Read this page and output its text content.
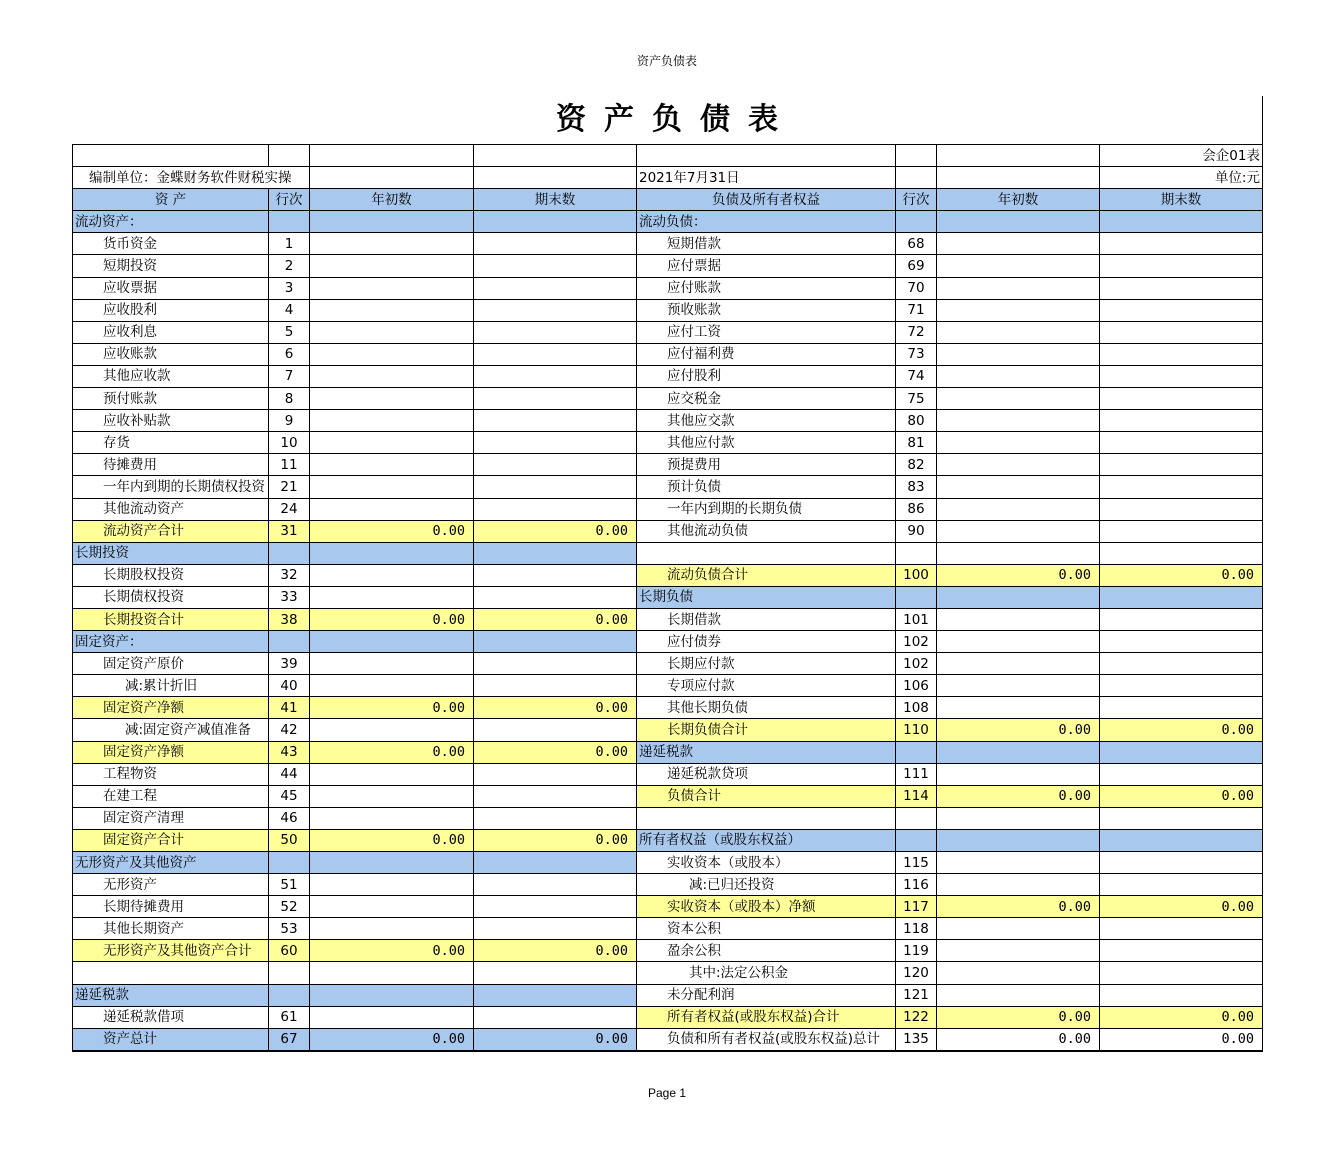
资产负债表
资产负债表
							会企01表
编制单位：金蝶财务软件财税实操				2021年7月31日			单位:元
资 产	行次	年初数	期末数	负债及所有者权益	行次	年初数	期末数
流动资产：				流动负债：			
货币资金	1			短期借款	68		
短期投资	2			应付票据	69		
应收票据	3			应付账款	70		
应收股利	4			预收账款	71		
应收利息	5			应付工资	72		
应收账款	6			应付福利费	73		
其他应收款	7			应付股利	74		
预付账款	8			应交税金	75		
应收补贴款	9			其他应交款	80		
存货	10			其他应付款	81		
待摊费用	11			预提费用	82		
一年内到期的长期债权投资	21			预计负债	83		
其他流动资产	24			一年内到期的长期负债	86		
流动资产合计	31	0.00	0.00	其他流动负债	90		
长期投资							
长期股权投资	32			流动负债合计	100	0.00	0.00
长期债权投资	33			长期负债			
长期投资合计	38	0.00	0.00	长期借款	101		
固定资产：				应付债券	102		
固定资产原价	39			长期应付款	102		
减:累计折旧	40			专项应付款	106		
固定资产净额	41	0.00	0.00	其他长期负债	108		
减:固定资产减值准备	42			长期负债合计	110	0.00	0.00
固定资产净额	43	0.00	0.00	递延税款			
工程物资	44			递延税款贷项	111		
在建工程	45			负债合计	114	0.00	0.00
固定资产清理	46						
固定资产合计	50	0.00	0.00	所有者权益（或股东权益）			
无形资产及其他资产				实收资本（或股本）	115		
无形资产	51			减:已归还投资	116		
长期待摊费用	52			实收资本（或股本）净额	117	0.00	0.00
其他长期资产	53			资本公积	118		
无形资产及其他资产合计	60	0.00	0.00	盈余公积	119		
				其中:法定公积金	120		
递延税款				未分配利润	121		
递延税款借项	61			所有者权益(或股东权益)合计	122	0.00	0.00
资产总计	67	0.00	0.00	负债和所有者权益(或股东权益)总计	135	0.00	0.00
Page 1
